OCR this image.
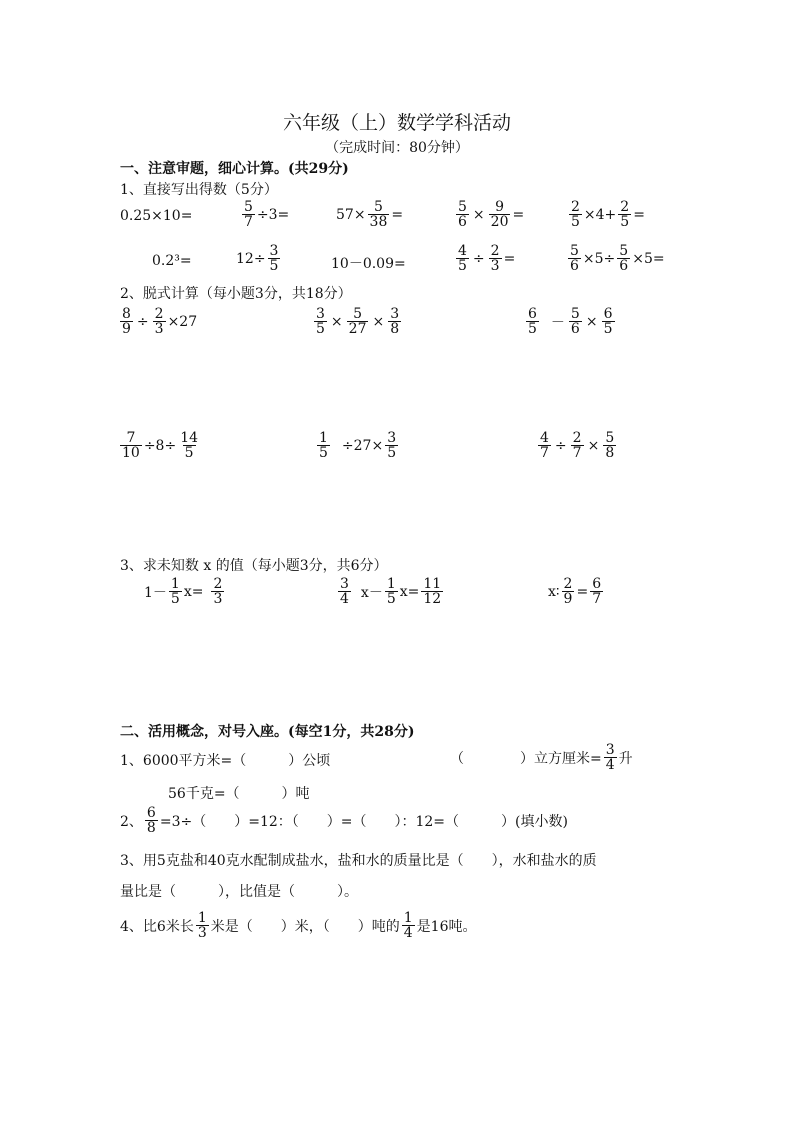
六年级（上）数学学科活动
（完成时间：80分钟）
一、注意审题，细心计算。(共29分)
1、直接写出得数（5分）
0.25×10=	$\frac{5}{7} \div 3=$	$57\times \frac{5}{38}$ =	$\frac{5}{6} \times \frac{9}{20}$ =	$\frac{2}{5} \times 4+ \frac{2}{5}$ =
0.2³=	$12\div \frac{3}{5}$	10－0.09=	$\frac{4}{5} \div \frac{2}{3}$ =	$\frac{5}{6} \times 5\div \frac{5}{6} \times 5=$
2、脱式计算（每小题3分，共18分）
$\frac{8}{9} \div \frac{2}{3} \times 27$	$\frac{3}{5} \times \frac{5}{27} \times \frac{3}{8}$	$\frac{6}{5} - \frac{5}{6} \times \frac{6}{5}$
$\frac{7}{10} \div 8\div \frac{14}{5}$	$\frac{1}{5} \div 27\times \frac{3}{5}$	$\frac{4}{7} \div \frac{2}{7} \times \frac{5}{8}$
3、求未知数 x 的值（每小题3分，共6分）
$1- \frac{1}{5} x= \frac{2}{3}$	$\frac{3}{4} x- \frac{1}{5} x= \frac{11}{12}$	x∶ $\frac{2}{9} = \frac{6}{7}$
二、活用概念，对号入座。(每空1分，共28分)
1、6000平方米=（　　　）公顷	（　　　　）立方厘米= $\frac{3}{4}$ 升
56千克=（　　　）吨
2、 $\frac{6}{8} =3\div$（　　）=12：（　　）=（　　）：12=（　　　）(填小数)
3、用5克盐和40克水配制成盐水，盐和水的质量比是（　　），水和盐水的质
量比是（　　　），比值是（　　　）。
4、比6米长 $\frac{1}{3}$ 米是（　　）米，（　　）吨的 $\frac{1}{4}$ 是16吨。
